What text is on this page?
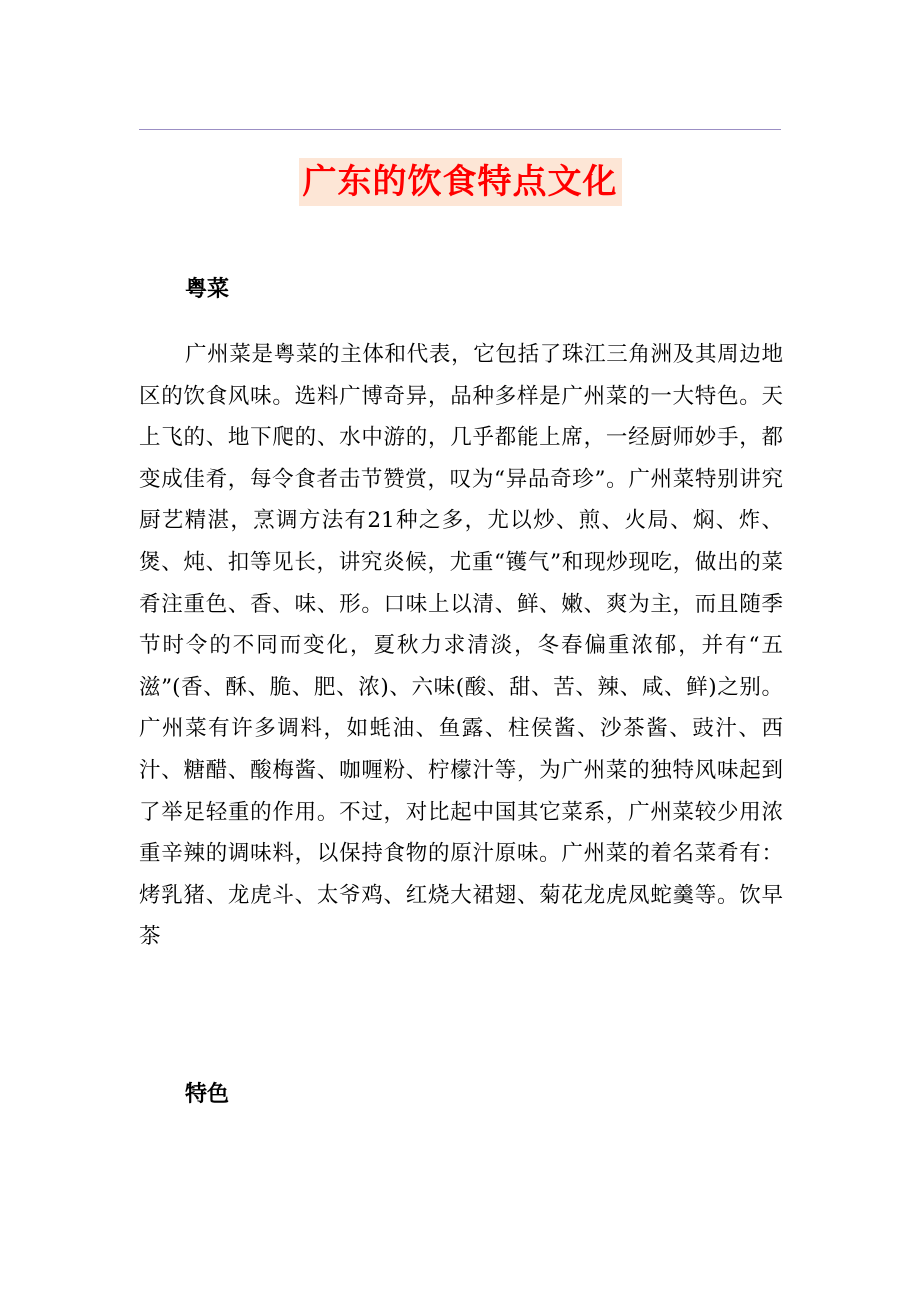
广东的饮食特点文化
粤菜

广州菜是粤菜的主体和代表，它包括了珠江三角洲及其周边地区的饮食风味。选料广博奇异，品种多样是广州菜的一大特色。天上飞的、地下爬的、水中游的，几乎都能上席，一经厨师妙手，都变成佳肴，每令食者击节赞赏，叹为“异品奇珍”。广州菜特别讲究厨艺精湛，烹调方法有21种之多，尤以炒、煎、火局、焖、炸、煲、炖、扣等见长，讲究炎候，尤重“镬气”和现炒现吃，做出的菜肴注重色、香、味、形。口味上以清、鲜、嫩、爽为主，而且随季节时令的不同而变化，夏秋力求清淡，冬春偏重浓郁，并有“五滋”(香、酥、脆、肥、浓)、六味(酸、甜、苦、辣、咸、鲜)之别。广州菜有许多调料，如蚝油、鱼露、柱侯酱、沙茶酱、豉汁、西汁、糖醋、酸梅酱、咖喱粉、柠檬汁等，为广州菜的独特风味起到了举足轻重的作用。不过，对比起中国其它菜系，广州菜较少用浓重辛辣的调味料，以保持食物的原汁原味。广州菜的着名菜肴有：烤乳猪、龙虎斗、太爷鸡、红烧大裙翅、菊花龙虎凤蛇羹等。饮早茶

特色
